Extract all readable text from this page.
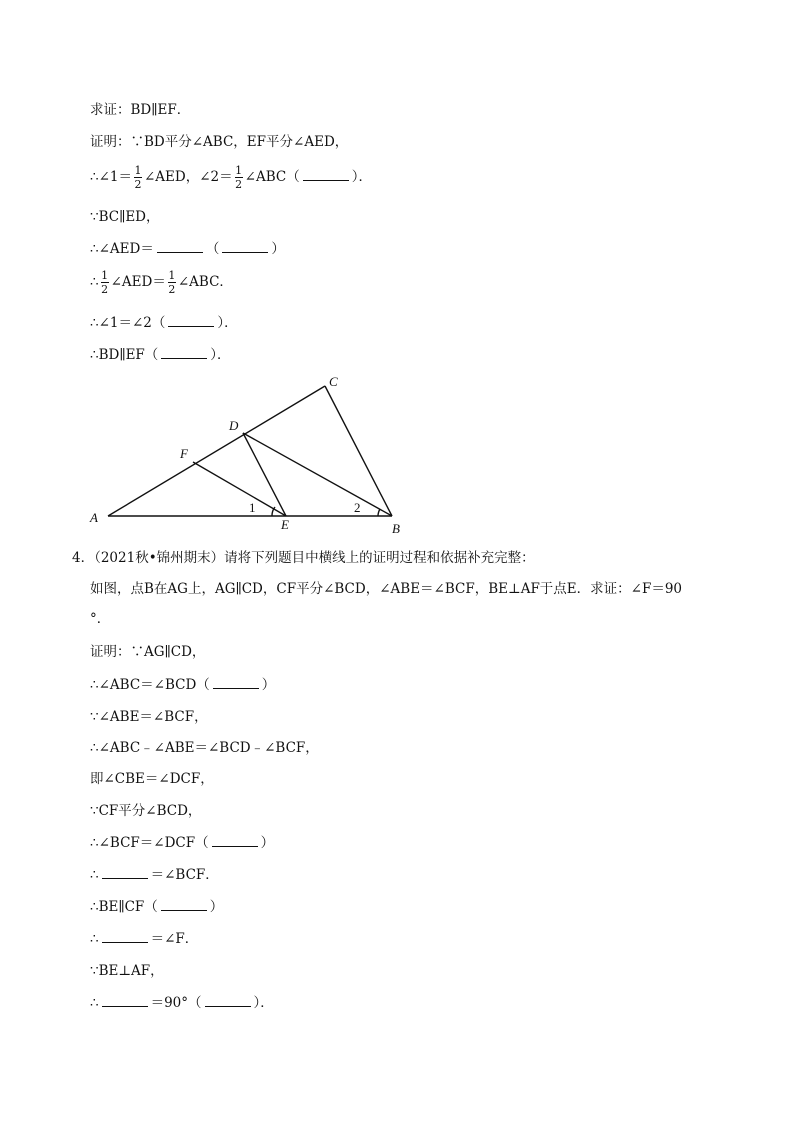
求证：BD∥EF．
证明：∵BD平分∠ABC，EF平分∠AED，
∴∠1＝ $\frac{1}{2}$ ∠AED，∠2＝ $\frac{1}{2}$ ∠ABC（	）．
∵BC∥ED，
∴∠AED＝	（	）
∴ $\frac{1}{2}$ ∠AED＝ $\frac{1}{2}$ ∠ABC．
∴∠1＝∠2（	）．
∴BD∥EF（	）．
A
B
C
D
F
E
1	2
4．（2021秋•锦州期末）请将下列题目中横线上的证明过程和依据补充完整：
如图，点B在AG上，AG∥CD，CF平分∠BCD，∠ABE＝∠BCF，BE⊥AF于点E．求证：∠F＝90
°．
证明：∵AG∥CD，
∴∠ABC＝∠BCD（	）
∵∠ABE＝∠BCF，
∴∠ABC﹣∠ABE＝∠BCD﹣∠BCF，
即∠CBE＝∠DCF，
∵CF平分∠BCD，
∴∠BCF＝∠DCF（	）
∴	＝∠BCF．
∴BE∥CF（	）
∴	＝∠F．
∵BE⊥AF，
∴	＝90°（	）．
